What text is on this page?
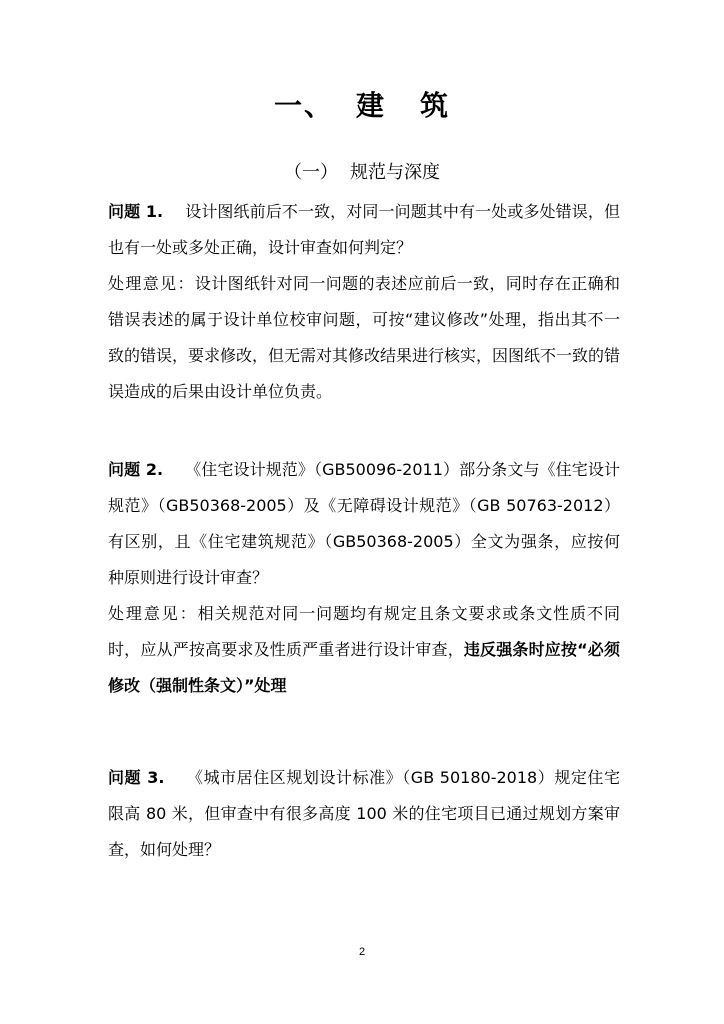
一、 建 筑
（一） 规范与深度
问题 1. 设计图纸前后不一致，对同一问题其中有一处或多处错误，但也有一处或多处正确，设计审查如何判定？
处理意见：设计图纸针对同一问题的表述应前后一致，同时存在正确和错误表述的属于设计单位校审问题，可按“建议修改”处理，指出其不一致的错误，要求修改，但无需对其修改结果进行核实，因图纸不一致的错误造成的后果由设计单位负责。
问题 2. 《住宅设计规范》（GB50096-2011）部分条文与《住宅设计规范》（GB50368-2005）及《无障碍设计规范》（GB 50763-2012）有区别，且《住宅建筑规范》（GB50368-2005）全文为强条，应按何种原则进行设计审查？
处理意见：相关规范对同一问题均有规定且条文要求或条文性质不同时，应从严按高要求及性质严重者进行设计审查，违反强条时应按“必须修改（强制性条文）”处理
问题 3. 《城市居住区规划设计标准》（GB 50180-2018）规定住宅限高 80 米，但审查中有很多高度 100 米的住宅项目已通过规划方案审查，如何处理？
2
